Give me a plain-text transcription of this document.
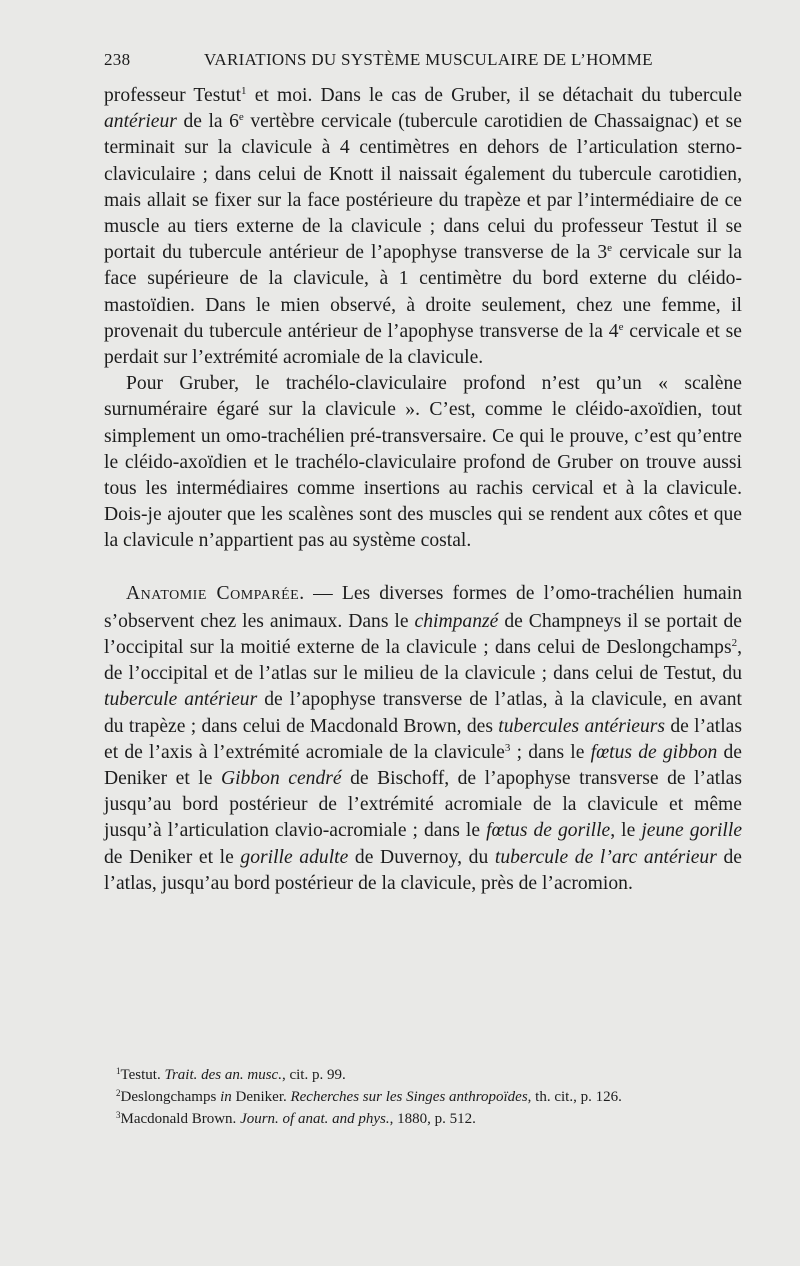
238	VARIATIONS DU SYSTÈME MUSCULAIRE DE L’HOMME

professeur Testut$^1$ et moi. Dans le cas de Gruber, il se détachait du tubercule antérieur de la 6e vertèbre cervicale (tubercule carotidien de Chassaignac) et se terminait sur la clavicule à 4 centimètres en dehors de l’articulation sterno-claviculaire ; dans celui de Knott il naissait également du tubercule carotidien, mais allait se fixer sur la face postérieure du trapèze et par l’intermédiaire de ce muscle au tiers externe de la clavicule ; dans celui du professeur Testut il se portait du tubercule antérieur de l’apophyse transverse de la 3e cervicale sur la face supérieure de la clavicule, à 1 centimètre du bord externe du cléido-mastoïdien. Dans le mien observé, à droite seulement, chez une femme, il provenait du tubercule antérieur de l’apophyse transverse de la 4e cervicale et se perdait sur l’extrémité acromiale de la clavicule.

Pour Gruber, le trachélo-claviculaire profond n’est qu’un « scalène surnuméraire égaré sur la clavicule ». C’est, comme le cléido-axoïdien, tout simplement un omo-trachélien pré-transversaire. Ce qui le prouve, c’est qu’entre le cléido-axoïdien et le trachélo-claviculaire profond de Gruber on trouve aussi tous les intermédiaires comme insertions au rachis cervical et à la clavicule. Dois-je ajouter que les scalènes sont des muscles qui se rendent aux côtes et que la clavicule n’appartient pas au système costal.

ANATOMIE COMPARÉE. — Les diverses formes de l’omo-trachélien humain s’observent chez les animaux. Dans le chimpanzé de Champneys il se portait de l’occipital sur la moitié externe de la clavicule ; dans celui de Deslongchamps$^2$, de l’occipital et de l’atlas sur le milieu de la clavicule ; dans celui de Testut, du tubercule antérieur de l’apophyse transverse de l’atlas, à la clavicule, en avant du trapèze ; dans celui de Macdonald Brown, des tubercules antérieurs de l’atlas et de l’axis à l’extrémité acromiale de la clavicule$^3$ ; dans le fœtus de gibbon de Deniker et le Gibbon cendré de Bischoff, de l’apophyse transverse de l’atlas jusqu’au bord postérieur de l’extrémité acromiale de la clavicule et même jusqu’à l’articulation clavio-acromiale ; dans le fœtus de gorille, le jeune gorille de Deniker et le gorille adulte de Duvernoy, du tubercule de l’arc antérieur de l’atlas, jusqu’au bord postérieur de la clavicule, près de l’acromion.

$^1$Testut. Trait. des an. musc., cit. p. 99.
$^2$Deslongchamps in Deniker. Recherches sur les Singes anthropoïdes, th. cit., p. 126.
$^3$Macdonald Brown. Journ. of anat. and phys., 1880, p. 512.
